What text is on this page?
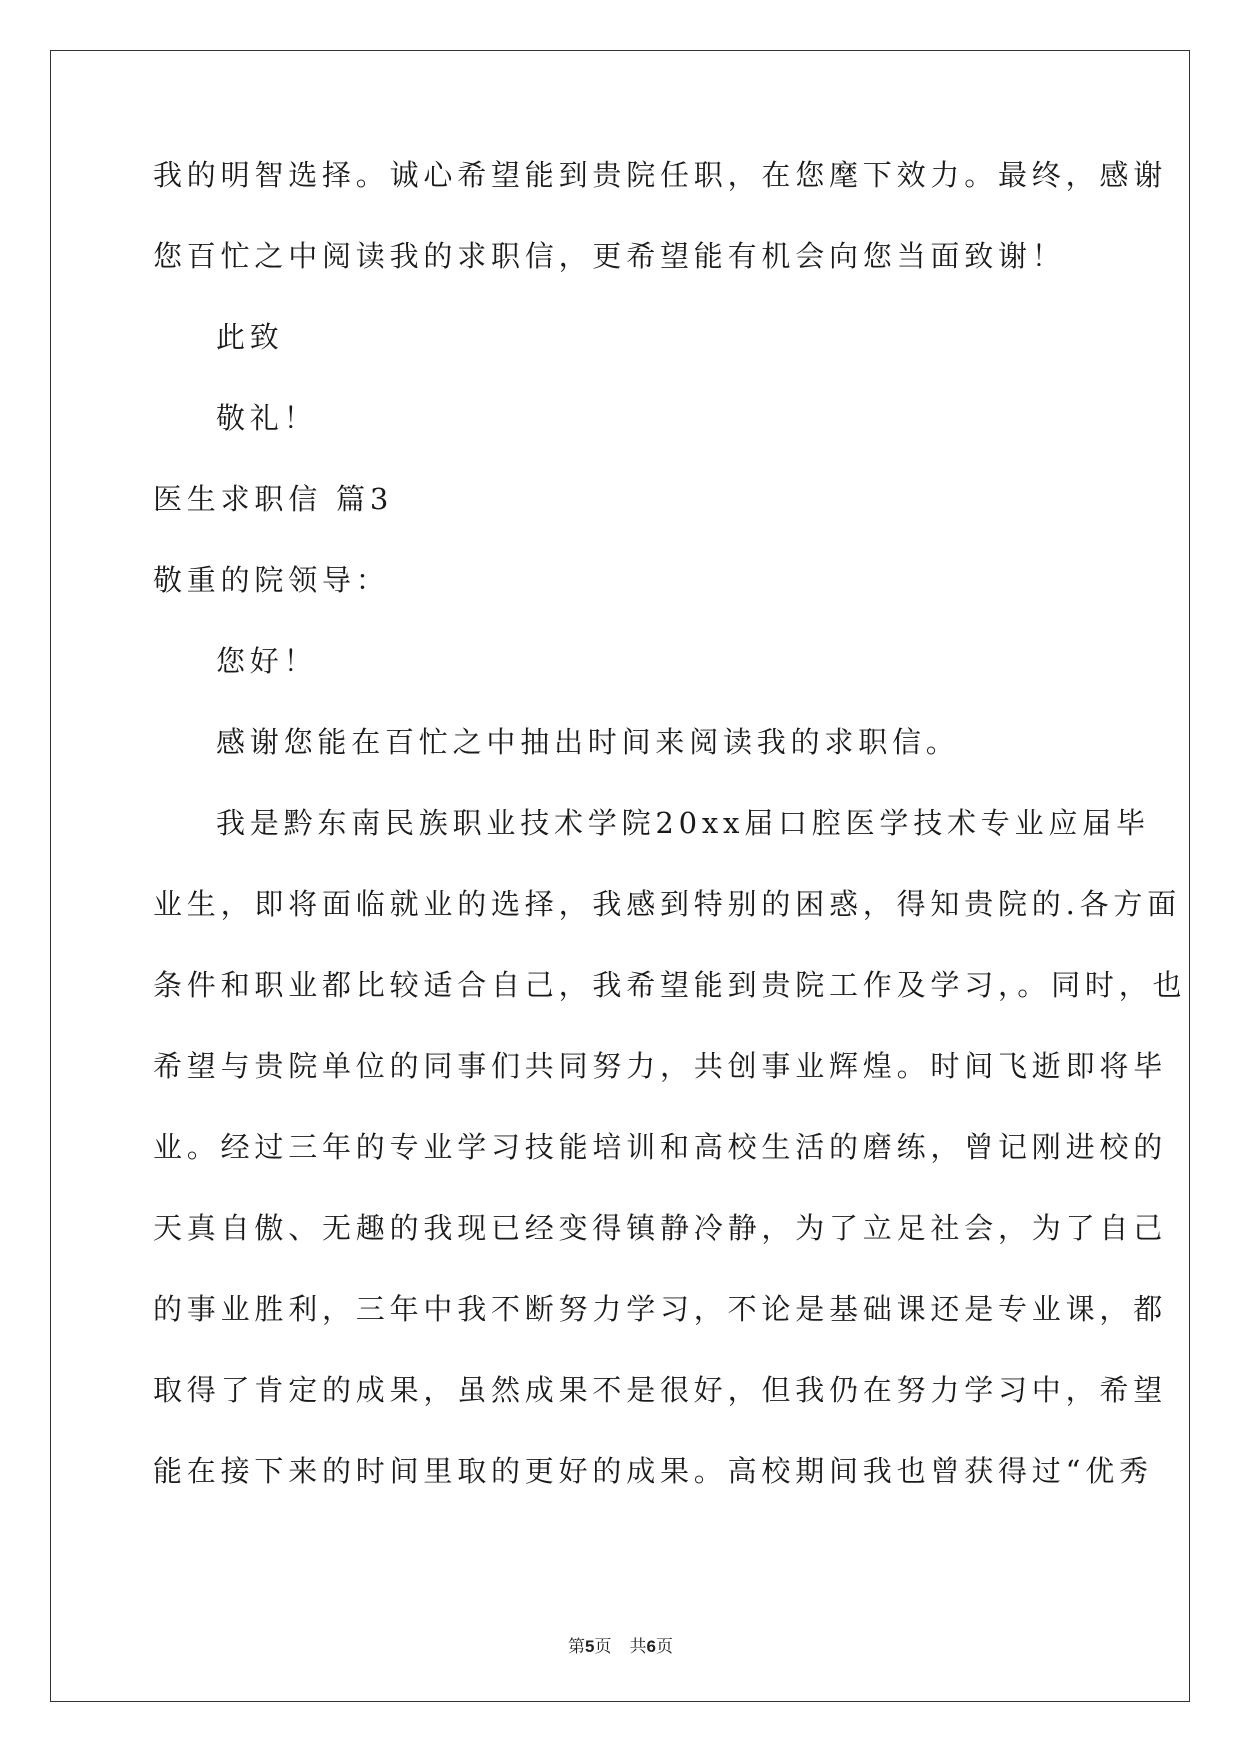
我的明智选择。诚心希望能到贵院任职，在您麾下效力。最终，感谢

您百忙之中阅读我的求职信，更希望能有机会向您当面致谢！

此致

敬礼！

医生求职信 篇3

敬重的院领导：

您好！

感谢您能在百忙之中抽出时间来阅读我的求职信。

我是黔东南民族职业技术学院20xx届口腔医学技术专业应届毕

业生，即将面临就业的选择，我感到特别的困惑，得知贵院的.各方面

条件和职业都比较适合自己，我希望能到贵院工作及学习，。同时，也

希望与贵院单位的同事们共同努力，共创事业辉煌。时间飞逝即将毕

业。经过三年的专业学习技能培训和高校生活的磨练，曾记刚进校的

天真自傲、无趣的我现已经变得镇静冷静，为了立足社会，为了自己

的事业胜利，三年中我不断努力学习，不论是基础课还是专业课，都

取得了肯定的成果，虽然成果不是很好，但我仍在努力学习中，希望

能在接下来的时间里取的更好的成果。高校期间我也曾获得过“优秀

第5页 共6页
